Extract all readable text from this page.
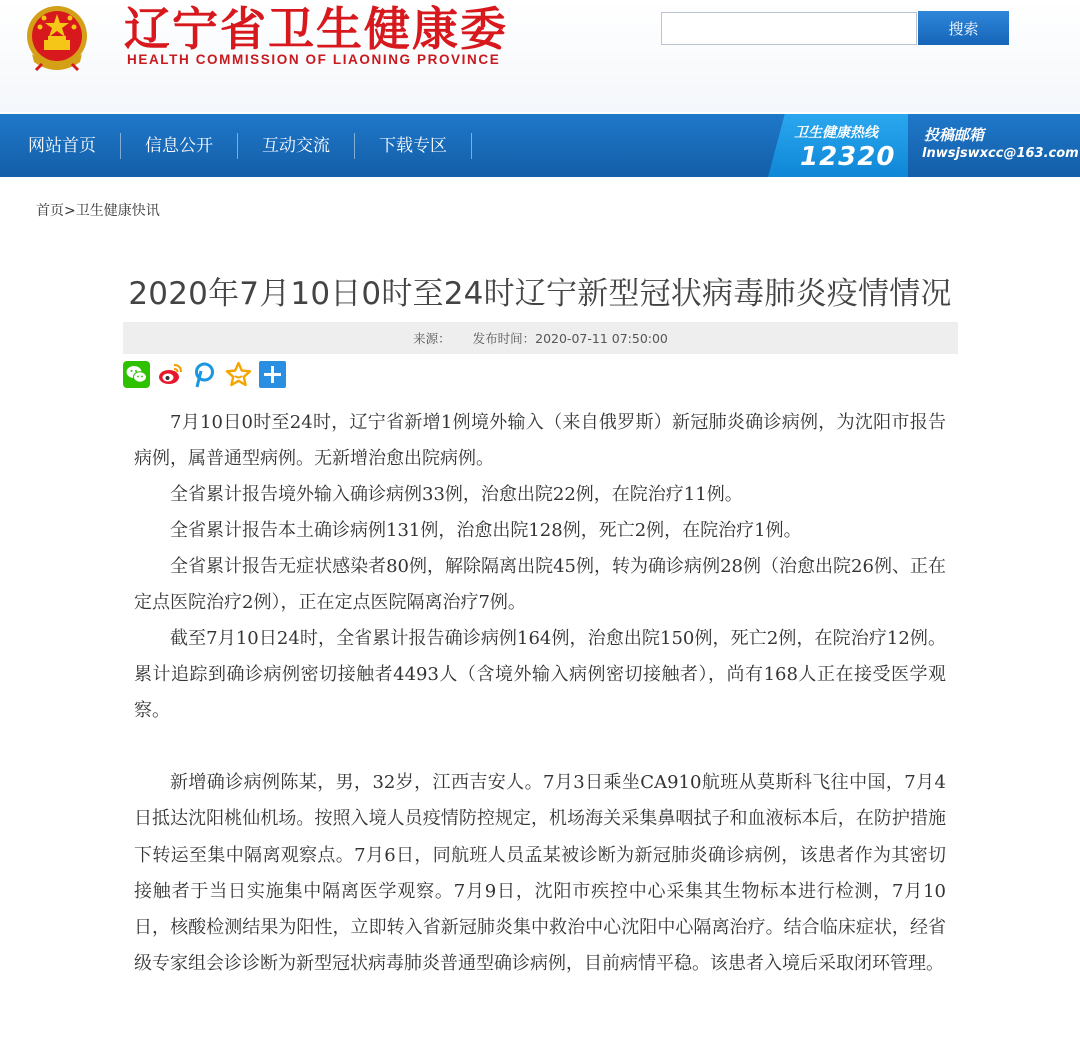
辽宁省卫生健康委
HEALTH COMMISSION OF LIAONING PROVINCE
搜索
网站首页	信息公开	互动交流	下载专区
卫生健康热线
12320
投稿邮箱
lnwsjswxcc@163.com
首页>卫生健康快讯
2020年7月10日0时至24时辽宁新型冠状病毒肺炎疫情情况
来源： 发布时间：2020-07-11 07:50:00

7月10日0时至24时，辽宁省新增1例境外输入（来自俄罗斯）新冠肺炎确诊病例，为沈阳市报告病例，属普通型病例。无新增治愈出院病例。

全省累计报告境外输入确诊病例33例，治愈出院22例，在院治疗11例。

全省累计报告本土确诊病例131例，治愈出院128例，死亡2例，在院治疗1例。

全省累计报告无症状感染者80例，解除隔离出院45例，转为确诊病例28例（治愈出院26例、正在定点医院治疗2例），正在定点医院隔离治疗7例。

截至7月10日24时，全省累计报告确诊病例164例，治愈出院150例，死亡2例，在院治疗12例。累计追踪到确诊病例密切接触者4493人（含境外输入病例密切接触者），尚有168人正在接受医学观察。

新增确诊病例陈某，男，32岁，江西吉安人。7月3日乘坐CA910航班从莫斯科飞往中国，7月4日抵达沈阳桃仙机场。按照入境人员疫情防控规定，机场海关采集鼻咽拭子和血液标本后，在防护措施下转运至集中隔离观察点。7月6日，同航班人员孟某被诊断为新冠肺炎确诊病例，该患者作为其密切接触者于当日实施集中隔离医学观察。7月9日，沈阳市疾控中心采集其生物标本进行检测，7月10日，核酸检测结果为阳性，立即转入省新冠肺炎集中救治中心沈阳中心隔离治疗。结合临床症状，经省级专家组会诊诊断为新型冠状病毒肺炎普通型确诊病例，目前病情平稳。该患者入境后采取闭环管理。
